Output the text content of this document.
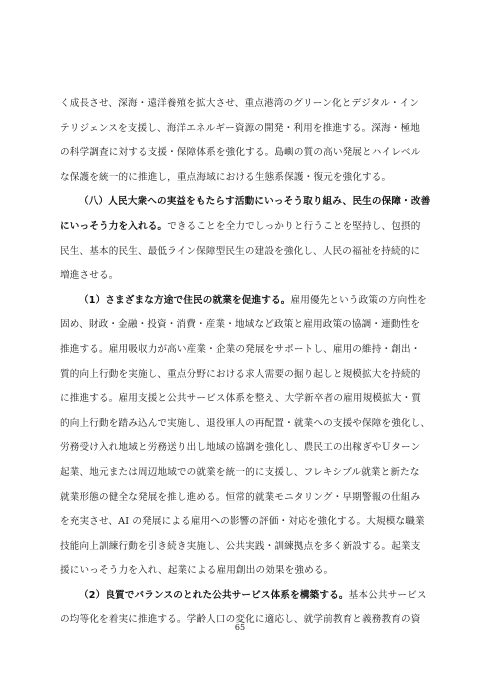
く成長させ、深海・遠洋養殖を拡大させ、重点港湾のグリーン化とデジタル・イン
テリジェンスを支援し、海洋エネルギー資源の開発・利用を推進する。深海・極地
の科学調査に対する支援・保障体系を強化する。島嶼の質の高い発展とハイレベル
な保護を統一的に推進し，重点海域における生態系保護・復元を強化する。
（八）人民大衆への実益をもたらす活動にいっそう取り組み、民生の保障・改善
にいっそう力を入れる。できることを全力でしっかりと行うことを堅持し、包摂的
民生、基本的民生、最低ライン保障型民生の建設を強化し、人民の福祉を持続的に
増進させる。
（1）さまざまな方途で住民の就業を促進する。雇用優先という政策の方向性を
固め、財政・金融・投資・消費・産業・地域など政策と雇用政策の協調・連動性を
推進する。雇用吸収力が高い産業・企業の発展をサポートし、雇用の維持・創出・
質的向上行動を実施し、重点分野における求人需要の掘り起しと規模拡大を持続的
に推進する。雇用支援と公共サービス体系を整え、大学新卒者の雇用規模拡大・質
的向上行動を踏み込んで実施し、退役軍人の再配置・就業への支援や保障を強化し、
労務受け入れ地域と労務送り出し地域の協調を強化し、農民工の出稼ぎやＵターン
起業、地元または周辺地域での就業を統一的に支援し、フレキシブル就業と新たな
就業形態の健全な発展を推し進める。恒常的就業モニタリング・早期警報の仕組み
を充実させ、AI の発展による雇用への影響の評価・対応を強化する。大規模な職業
技能向上訓練行動を引き続き実施し、公共実践・訓練拠点を多く新設する。起業支
援にいっそう力を入れ、起業による雇用創出の効果を強める。
（2）良質でバランスのとれた公共サービス体系を構築する。基本公共サービス
の均等化を着実に推進する。学齢人口の変化に適応し、就学前教育と義務教育の資
65
